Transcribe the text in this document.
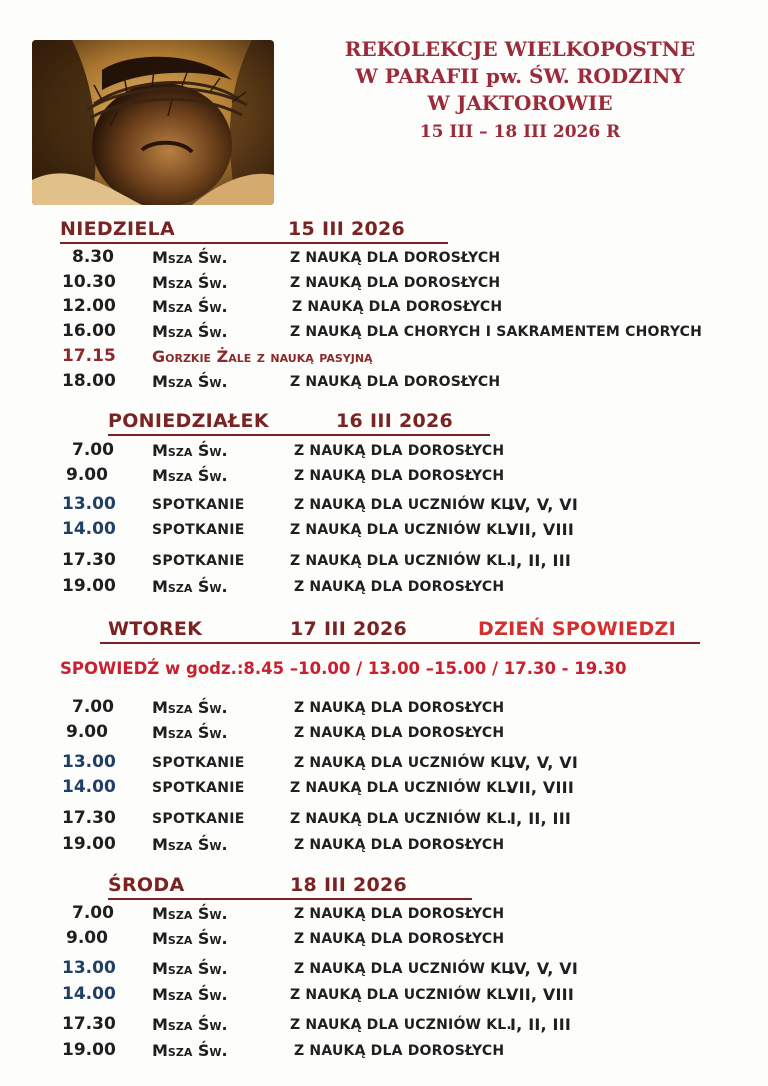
REKOLEKCJE WIELKOPOSTNE
W PARAFII pw. ŚW. RODZINY
W JAKTOROWIE
15 III – 18 III 2026 R
NIEDZIELA	15 III 2026
8.30 Msza Św.	Z NAUKĄ DLA DOROSŁYCH
10.30 Msza Św.	Z NAUKĄ DLA DOROSŁYCH
12.00 Msza Św.	Z NAUKĄ DLA DOROSŁYCH
16.00 Msza Św.	Z NAUKĄ DLA CHORYCH I SAKRAMENTEM CHORYCH
17.15 Gorzkie Żale z nauką pasyjną
18.00 Msza Św.	Z NAUKĄ DLA DOROSŁYCH
PONIEDZIAŁEK	16 III 2026
7.00 Msza Św.	Z NAUKĄ DLA DOROSŁYCH
9.00	Msza Św.	Z NAUKĄ DLA DOROSŁYCH
13.00	SPOTKANIE	Z NAUKĄ DLA UCZNIÓW KL.
IV, V, VI
14.00	SPOTKANIE	Z NAUKĄ DLA UCZNIÓW KL.
VII, VIII
17.30	SPOTKANIE	Z NAUKĄ DLA UCZNIÓW KL.
I, II, III
19.00 Msza Św.	Z NAUKĄ DLA DOROSŁYCH
WTOREK	17 III 2026	DZIEŃ SPOWIEDZI
SPOWIEDŹ w godz.:8.45 –10.00 / 13.00 –15.00 / 17.30 - 19.30
7.00 Msza Św.	Z NAUKĄ DLA DOROSŁYCH
9.00	Msza Św.	Z NAUKĄ DLA DOROSŁYCH
13.00	SPOTKANIE	Z NAUKĄ DLA UCZNIÓW KL.
IV, V, VI
14.00	SPOTKANIE	Z NAUKĄ DLA UCZNIÓW KL.
VII, VIII
17.30	SPOTKANIE	Z NAUKĄ DLA UCZNIÓW KL.
I, II, III
19.00 Msza Św.	Z NAUKĄ DLA DOROSŁYCH
ŚRODA	18 III 2026
7.00 Msza Św.	Z NAUKĄ DLA DOROSŁYCH
9.00	Msza Św.	Z NAUKĄ DLA DOROSŁYCH
13.00 Msza Św.	Z NAUKĄ DLA UCZNIÓW KL.
IV, V, VI
14.00 Msza Św.	Z NAUKĄ DLA UCZNIÓW KL.
VII, VIII
17.30 Msza Św.	Z NAUKĄ DLA UCZNIÓW KL.
I, II, III
19.00 Msza Św.	Z NAUKĄ DLA DOROSŁYCH
